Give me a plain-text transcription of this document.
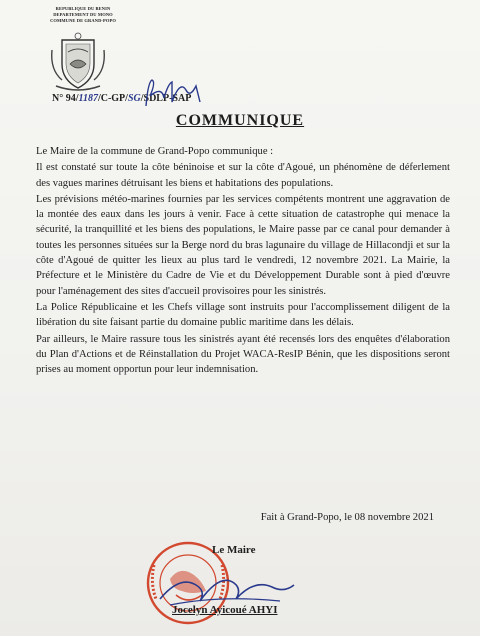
REPUBLIQUE DU BENIN
DEPARTEMENT DU MONO
COMMUNE DE GRAND-POPO
N° 94/1187/C-GP/SG/SDLP-SAP
COMMUNIQUE

Le Maire de la commune de Grand-Popo communique :

Il est constaté sur toute la côte béninoise et sur la côte d'Agoué, un phénomène de déferlement des vagues marines détruisant les biens et habitations des populations.

Les prévisions météo-marines fournies par les services compétents montrent une aggravation de la montée des eaux dans les jours à venir. Face à cette situation de catastrophe qui menace la sécurité, la tranquillité et les biens des populations, le Maire passe par ce canal pour demander à toutes les personnes situées sur la Berge nord du bras lagunaire du village de Hillacondji et sur la côte d'Agoué de quitter les lieux au plus tard le vendredi, 12 novembre 2021. La Mairie, la Préfecture et le Ministère du Cadre de Vie et du Développement Durable sont à pied d'œuvre pour l'aménagement des sites d'accueil provisoires pour les sinistrés.

La Police Républicaine et les Chefs village sont instruits pour l'accomplissement diligent de la libération du site faisant partie du domaine public maritime dans les délais.

Par ailleurs, le Maire rassure tous les sinistrés ayant été recensés lors des enquêtes d'élaboration du Plan d'Actions et de Réinstallation du Projet WACA-ResIP Bénin, que les dispositions seront prises au moment opportun pour leur indemnisation.

Fait à Grand-Popo, le 08 novembre 2021
Le Maire
Jocelyn Ayicoué AHYI
